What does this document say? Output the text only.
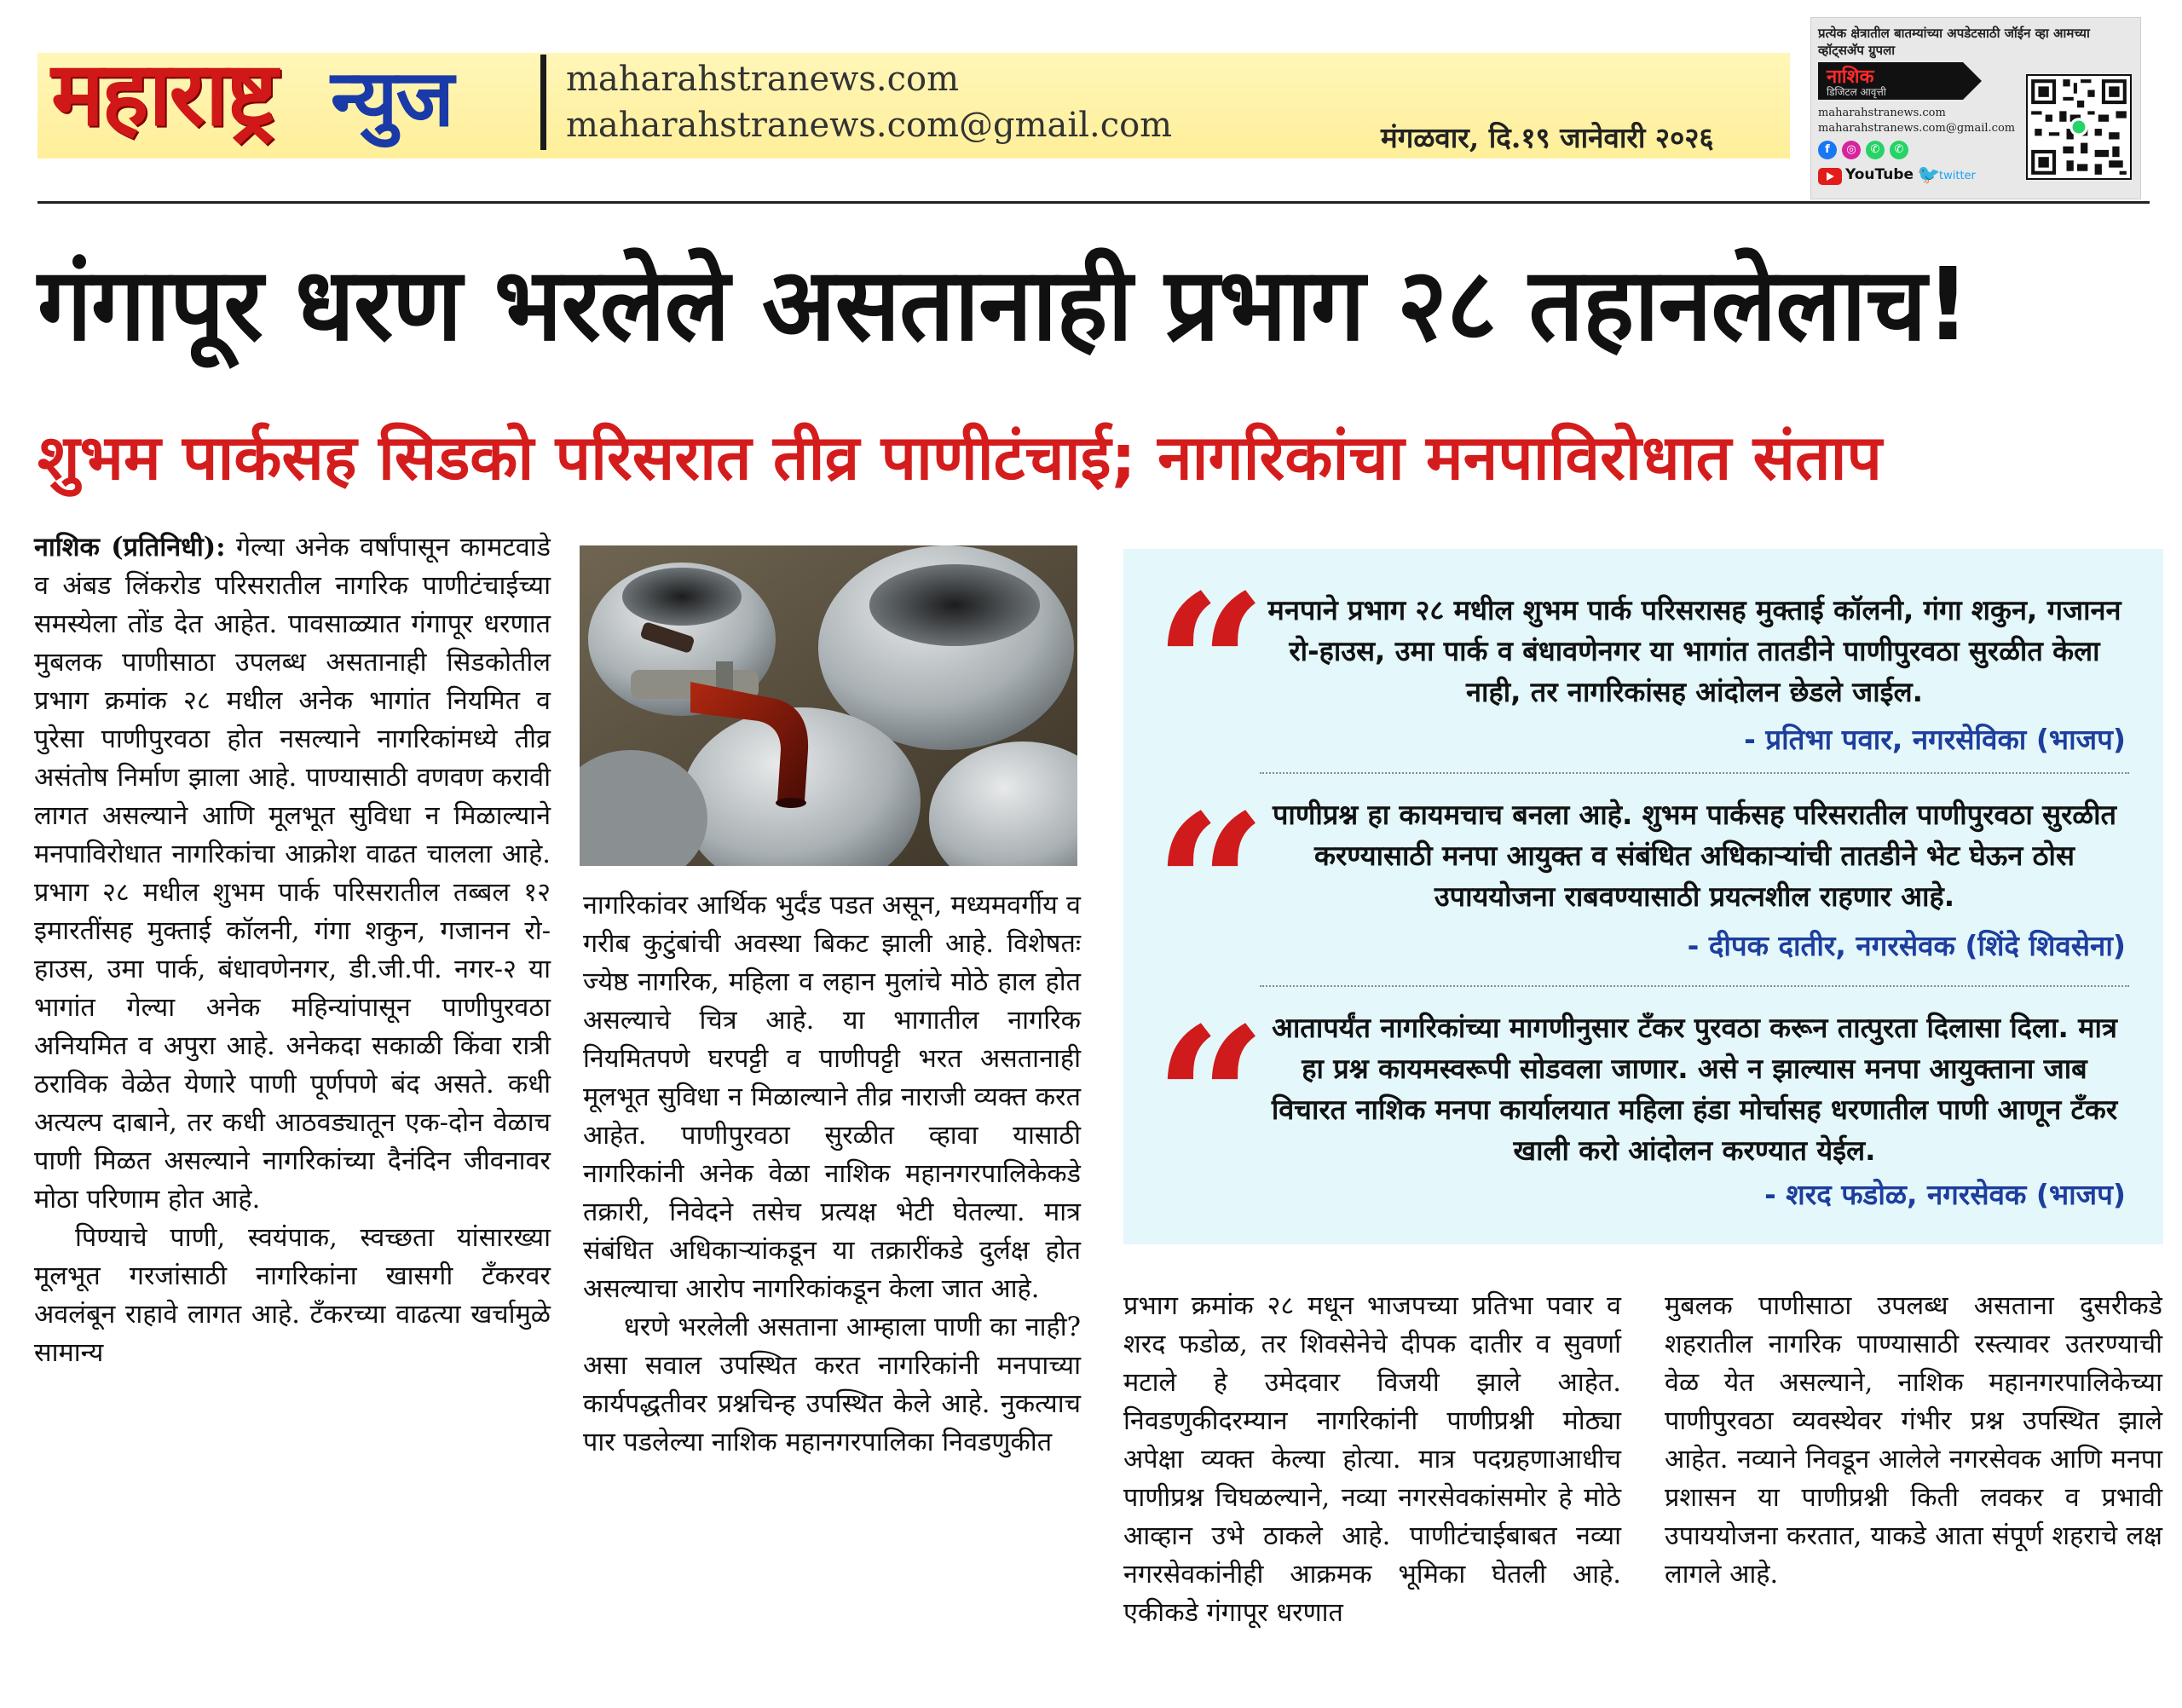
महाराष्ट्र न्युज	maharahstranews.com
maharahstranews.com@gmail.com	मंगळवार, दि.१९ जानेवारी २०२६
प्रत्येक क्षेत्रातील बातम्यांच्या अपडेटसाठी जॉईन व्हा आमच्या व्हॉट्सअ‍ॅप ग्रुपला
नाशिक
डिजिटल आवृत्ती
maharahstranews.com
maharahstranews.com@gmail.com
f	◎	✆	✆
YouTube 🐦
twitter
गंगापूर धरण भरलेले असतानाही प्रभाग २८ तहानलेलाच!
शुभम पार्कसह सिडको परिसरात तीव्र पाणीटंचाई; नागरिकांचा मनपाविरोधात संताप

नाशिक (प्रतिनिधी): गेल्या अनेक वर्षांपासून कामटवाडे व अंबड लिंकरोड परिसरातील नागरिक पाणीटंचाईच्या समस्येला तोंड देत आहेत. पावसाळ्यात गंगापूर धरणात मुबलक पाणीसाठा उपलब्ध असतानाही सिडकोतील प्रभाग क्रमांक २८ मधील अनेक भागांत नियमित व पुरेसा पाणीपुरवठा होत नसल्याने नागरिकांमध्ये तीव्र असंतोष निर्माण झाला आहे. पाण्यासाठी वणवण करावी लागत असल्याने आणि मूलभूत सुविधा न मिळाल्याने मनपाविरोधात नागरिकांचा आक्रोश वाढत चालला आहे. प्रभाग २८ मधील शुभम पार्क परिसरातील तब्बल १२ इमारतींसह मुक्ताई कॉलनी, गंगा शकुन, गजानन रो-हाउस, उमा पार्क, बंधावणेनगर, डी.जी.पी. नगर-२ या भागांत गेल्या अनेक महिन्यांपासून पाणीपुरवठा अनियमित व अपुरा आहे. अनेकदा सकाळी किंवा रात्री ठराविक वेळेत येणारे पाणी पूर्णपणे बंद असते. कधी अत्यल्प दाबाने, तर कधी आठवड्यातून एक-दोन वेळाच पाणी मिळत असल्याने नागरिकांच्या दैनंदिन जीवनावर मोठा परिणाम होत आहे.

पिण्याचे पाणी, स्वयंपाक, स्वच्छता यांसारख्या मूलभूत गरजांसाठी नागरिकांना खासगी टँकरवर अवलंबून राहावे लागत आहे. टँकरच्या वाढत्या खर्चामुळे सामान्य

नागरिकांवर आर्थिक भुर्दंड पडत असून, मध्यमवर्गीय व गरीब कुटुंबांची अवस्था बिकट झाली आहे. विशेषतः ज्येष्ठ नागरिक, महिला व लहान मुलांचे मोठे हाल होत असल्याचे चित्र आहे. या भागातील नागरिक नियमितपणे घरपट्टी व पाणीपट्टी भरत असतानाही मूलभूत सुविधा न मिळाल्याने तीव्र नाराजी व्यक्त करत आहेत. पाणीपुरवठा सुरळीत व्हावा यासाठी नागरिकांनी अनेक वेळा नाशिक महानगरपालिकेकडे तक्रारी, निवेदने तसेच प्रत्यक्ष भेटी घेतल्या. मात्र संबंधित अधिकाऱ्यांकडून या तक्रारींकडे दुर्लक्ष होत असल्याचा आरोप नागरिकांकडून केला जात आहे.

धरणे भरलेली असताना आम्हाला पाणी का नाही? असा सवाल उपस्थित करत नागरिकांनी मनपाच्या कार्यपद्धतीवर प्रश्नचिन्ह उपस्थित केले आहे. नुकत्याच पार पडलेल्या नाशिक महानगरपालिका निवडणुकीत

“ मनपाने प्रभाग २८ मधील शुभम पार्क परिसरासह मुक्ताई कॉलनी, गंगा शकुन, गजानन रो-हाउस, उमा पार्क व बंधावणेनगर या भागांत तातडीने पाणीपुरवठा सुरळीत केला नाही, तर नागरिकांसह आंदोलन छेडले जाईल.
- प्रतिभा पवार, नगरसेविका (भाजप)
“ पाणीप्रश्न हा कायमचाच बनला आहे. शुभम पार्कसह परिसरातील पाणीपुरवठा सुरळीत करण्यासाठी मनपा आयुक्त व संबंधित अधिकाऱ्यांची तातडीने भेट घेऊन ठोस उपाययोजना राबवण्यासाठी प्रयत्नशील राहणार आहे.
- दीपक दातीर, नगरसेवक (शिंदे शिवसेना)
“ आतापर्यंत नागरिकांच्या मागणीनुसार टँकर पुरवठा करून तात्पुरता दिलासा दिला. मात्र हा प्रश्न कायमस्वरूपी सोडवला जाणार. असे न झाल्यास मनपा आयुक्ताना जाब विचारत नाशिक मनपा कार्यालयात महिला हंडा मोर्चासह धरणातील पाणी आणून टँकर खाली करो आंदोलन करण्यात येईल.
- शरद फडोळ, नगरसेवक (भाजप)

प्रभाग क्रमांक २८ मधून भाजपच्या प्रतिभा पवार व शरद फडोळ, तर शिवसेनेचे दीपक दातीर व सुवर्णा मटाले हे उमेदवार विजयी झाले आहेत. निवडणुकीदरम्यान नागरिकांनी पाणीप्रश्नी मोठ्या अपेक्षा व्यक्त केल्या होत्या. मात्र पदग्रहणाआधीच पाणीप्रश्न चिघळल्याने, नव्या नगरसेवकांसमोर हे मोठे आव्हान उभे ठाकले आहे. पाणीटंचाईबाबत नव्या नगरसेवकांनीही आक्रमक भूमिका घेतली आहे. एकीकडे गंगापूर धरणात

मुबलक पाणीसाठा उपलब्ध असताना दुसरीकडे शहरातील नागरिक पाण्यासाठी रस्त्यावर उतरण्याची वेळ येत असल्याने, नाशिक महानगरपालिकेच्या पाणीपुरवठा व्यवस्थेवर गंभीर प्रश्न उपस्थित झाले आहेत. नव्याने निवडून आलेले नगरसेवक आणि मनपा प्रशासन या पाणीप्रश्नी किती लवकर व प्रभावी उपाययोजना करतात, याकडे आता संपूर्ण शहराचे लक्ष लागले आहे.
